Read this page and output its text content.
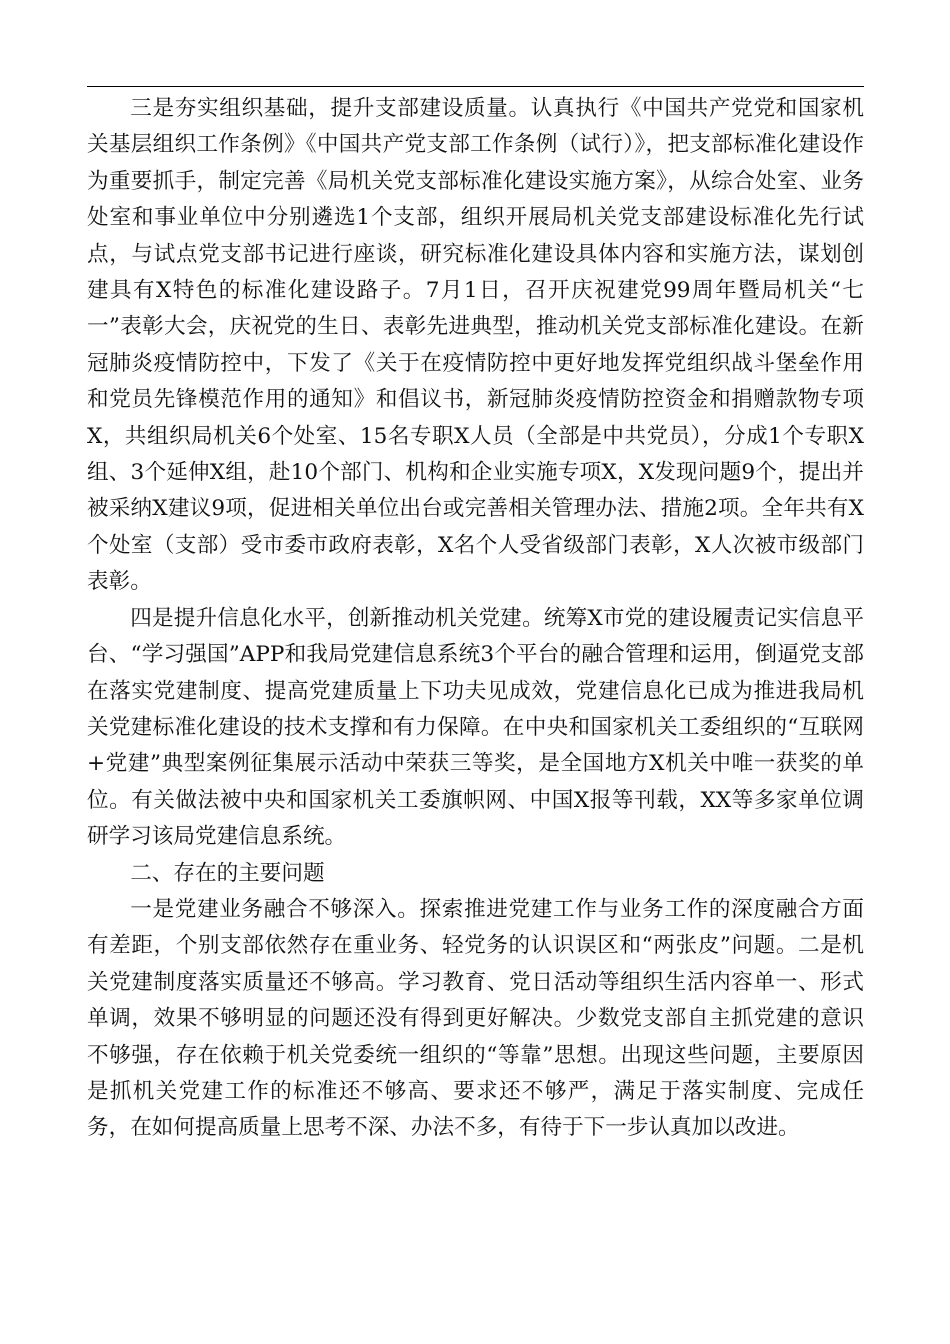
三是夯实组织基础，提升支部建设质量。认真执行《中国共产党党和国家机关基层组织工作条例》《中国共产党支部工作条例（试行）》，把支部标准化建设作为重要抓手，制定完善《局机关党支部标准化建设实施方案》，从综合处室、业务处室和事业单位中分别遴选1个支部，组织开展局机关党支部建设标准化先行试点，与试点党支部书记进行座谈，研究标准化建设具体内容和实施方法，谋划创建具有X特色的标准化建设路子。7月1日，召开庆祝建党99周年暨局机关“七一”表彰大会，庆祝党的生日、表彰先进典型，推动机关党支部标准化建设。在新冠肺炎疫情防控中，下发了《关于在疫情防控中更好地发挥党组织战斗堡垒作用和党员先锋模范作用的通知》和倡议书，新冠肺炎疫情防控资金和捐赠款物专项X，共组织局机关6个处室、15名专职X人员（全部是中共党员），分成1个专职X组、3个延伸X组，赴10个部门、机构和企业实施专项X，X发现问题9个，提出并被采纳X建议9项，促进相关单位出台或完善相关管理办法、措施2项。全年共有X个处室（支部）受市委市政府表彰，X名个人受省级部门表彰，X人次被市级部门表彰。

四是提升信息化水平，创新推动机关党建。统筹X市党的建设履责记实信息平台、“学习强国”APP和我局党建信息系统3个平台的融合管理和运用，倒逼党支部在落实党建制度、提高党建质量上下功夫见成效，党建信息化已成为推进我局机关党建标准化建设的技术支撑和有力保障。在中央和国家机关工委组织的“互联网+党建”典型案例征集展示活动中荣获三等奖，是全国地方X机关中唯一获奖的单位。有关做法被中央和国家机关工委旗帜网、中国X报等刊载，XX等多家单位调研学习该局党建信息系统。

二、存在的主要问题

一是党建业务融合不够深入。探索推进党建工作与业务工作的深度融合方面有差距，个别支部依然存在重业务、轻党务的认识误区和“两张皮”问题。二是机关党建制度落实质量还不够高。学习教育、党日活动等组织生活内容单一、形式单调，效果不够明显的问题还没有得到更好解决。少数党支部自主抓党建的意识不够强，存在依赖于机关党委统一组织的“等靠”思想。出现这些问题，主要原因是抓机关党建工作的标准还不够高、要求还不够严，满足于落实制度、完成任务，在如何提高质量上思考不深、办法不多，有待于下一步认真加以改进。
